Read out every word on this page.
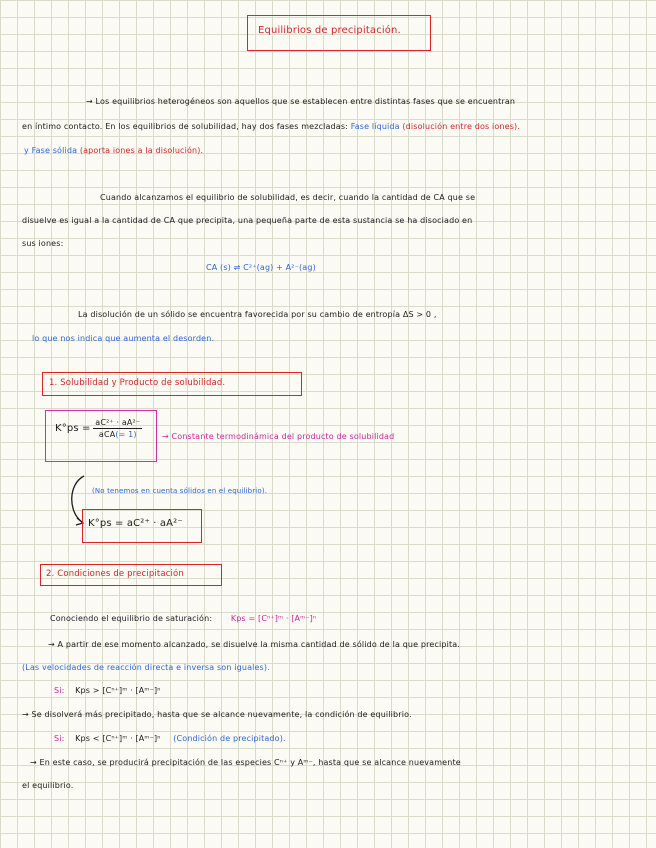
Equilibrios de precipitación.
→ Los equilibrios heterogéneos son aquellos que se establecen entre distintas fases que se encuentran
en íntimo contacto. En los equilibrios de solubilidad, hay dos fases mezcladas: Fase líquida (disolución entre dos iones).
y Fase sólida (aporta iones a la disolución).
Cuando alcanzamos el equilibrio de solubilidad, es decir, cuando la cantidad de CA que se
disuelve es igual a la cantidad de CA que precipita, una pequeña parte de esta sustancia se ha disociado en
sus iones:
CA (s) ⇌ C²⁺(ag) + A²⁻(ag)
La disolución de un sólido se encuentra favorecida por su cambio de entropía ΔS > 0 ,
lo que nos indica que aumenta el desorden.
1. Solubilidad y Producto de solubilidad.
$K^\circ ps = \frac{\text{aC²⁺ · aA²⁻}}{\text{aCA(= 1)}}$ → Constante termodinámica del producto de solubilidad
(No tenemos en cuenta sólidos en el equilibrio).
K°ps = aC²⁺ · aA²⁻
2. Condiciones de precipitación
Conociendo el equilibrio de saturación: Kps = [Cⁿ⁺]ᵐ · [Aᵐ⁻]ⁿ
→ A partir de ese momento alcanzado, se disuelve la misma cantidad de sólido de la que precipita.
(Las velocidades de reacción directa e inversa son iguales).
Si: Kps > [Cⁿ⁺]ᵐ · [Aᵐ⁻]ⁿ
→ Se disolverá más precipitado, hasta que se alcance nuevamente, la condición de equilibrio.
Si: Kps < [Cⁿ⁺]ᵐ · [Aᵐ⁻]ⁿ (Condición de precipitado).
→ En este caso, se producirá precipitación de las especies Cⁿ⁺ y Aᵐ⁻, hasta que se alcance nuevamente
el equilibrio.
